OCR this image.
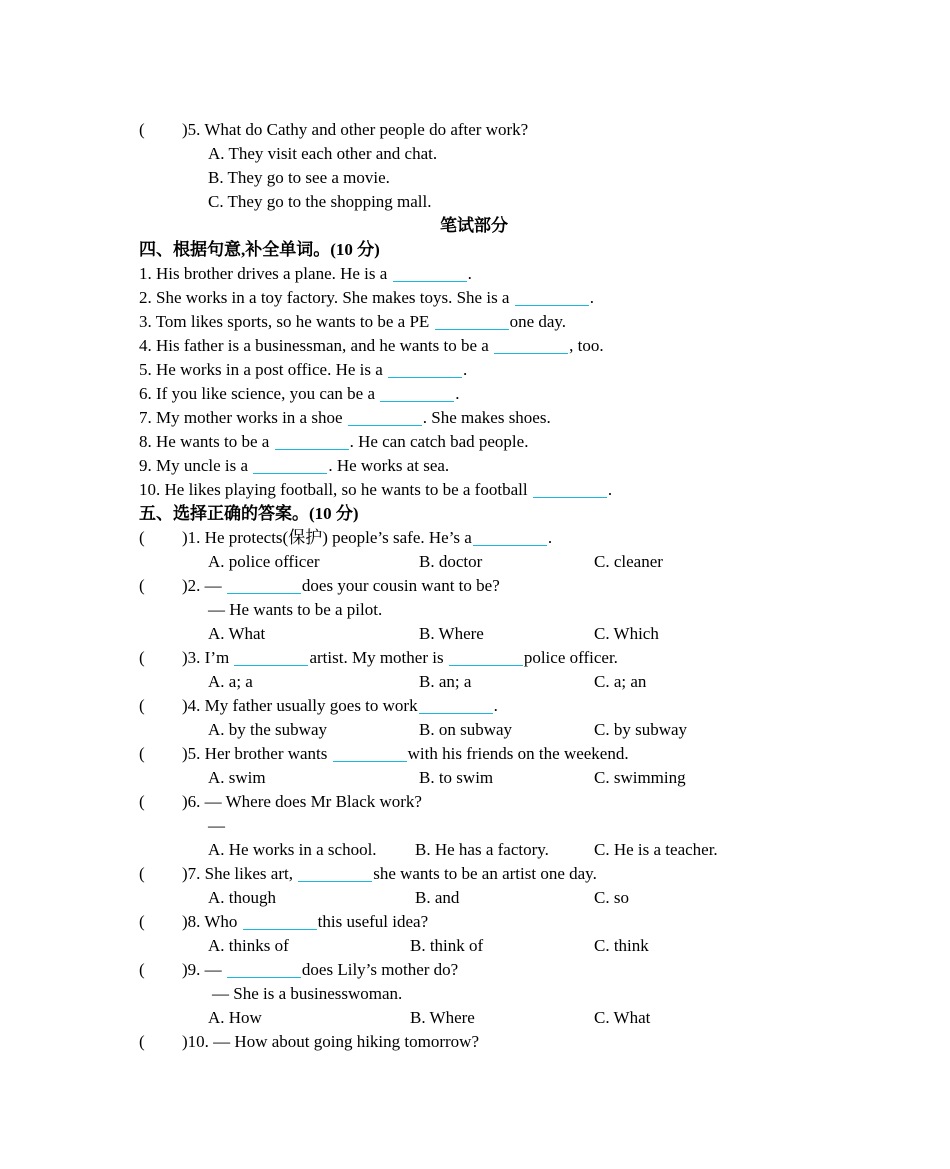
( )5. What do Cathy and other people do after work?
A. They visit each other and chat.
B. They go to see a movie.
C. They go to the shopping mall.
笔试部分
四、根据句意,补全单词。(10 分)
1. His brother drives a plane. He is a	.
2. She works in a toy factory. She makes toys. She is a	.
3. Tom likes sports, so he wants to be a PE	one day.
4. His father is a businessman, and he wants to be a	, too.
5. He works in a post office. He is a	.
6. If you like science, you can be a	.
7. My mother works in a shoe	. She makes shoes.
8. He wants to be a	. He can catch bad people.
9. My uncle is a	. He works at sea.
10. He likes playing football, so he wants to be a football	.
五、选择正确的答案。(10 分)
( )1. He protects(保护) people’s safe. He’s a	.
A. police officer	B. doctor	C. cleaner
( )2. —	does your cousin want to be?
— He wants to be a pilot.
A. What	B. Where	C. Which
( )3. I’m	artist. My mother is	police officer.
A. a; a	B. an; a	C. a; an
( )4. My father usually goes to work	.
A. by the subway	B. on subway	C. by subway
( )5. Her brother wants	with his friends on the weekend.
A. swim	B. to swim	C. swimming
( )6. — Where does Mr Black work?
—
A. He works in a school. B. He has a factory.	C. He is a teacher.
( )7. She likes art,	she wants to be an artist one day.
A. though	B. and	C. so
( )8. Who	this useful idea?
A. thinks of	B. think of	C. think
( )9. —	does Lily’s mother do?
— She is a businesswoman.
A. How	B. Where	C. What
( )10. — How about going hiking tomorrow?
